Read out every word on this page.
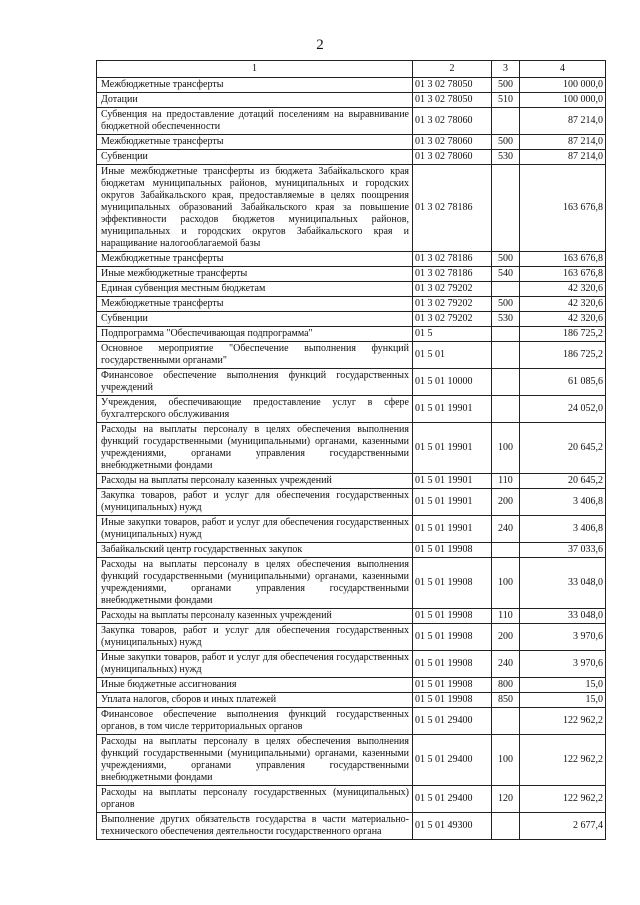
2
1	2	3	4
Межбюджетные трансферты	01 3 02 78050	500	100 000,0
Дотации	01 3 02 78050	510	100 000,0
Субвенция на предоставление дотаций поселениям на выравнивание бюджетной обеспеченности	01 3 02 78060		87 214,0
Межбюджетные трансферты	01 3 02 78060	500	87 214,0
Субвенции	01 3 02 78060	530	87 214,0
Иные межбюджетные трансферты из бюджета Забайкальского края бюджетам муниципальных районов, муниципальных и городских округов Забайкальского края, предоставляемые в целях поощрения муниципальных образований Забайкальского края за повышение эффективности расходов бюджетов муниципальных районов, муниципальных и городских округов Забайкальского края и наращивание налогооблагаемой базы	01 3 02 78186		163 676,8
Межбюджетные трансферты	01 3 02 78186	500	163 676,8
Иные межбюджетные трансферты	01 3 02 78186	540	163 676,8
Единая субвенция местным бюджетам	01 3 02 79202		42 320,6
Межбюджетные трансферты	01 3 02 79202	500	42 320,6
Субвенции	01 3 02 79202	530	42 320,6
Подпрограмма "Обеспечивающая подпрограмма"	01 5		186 725,2
Основное мероприятие "Обеспечение выполнения функций государственными органами"	01 5 01		186 725,2
Финансовое обеспечение выполнения функций государственных учреждений	01 5 01 10000		61 085,6
Учреждения, обеспечивающие предоставление услуг в сфере бухгалтерского обслуживания	01 5 01 19901		24 052,0
Расходы на выплаты персоналу в целях обеспечения выполнения функций государственными (муниципальными) органами, казенными учреждениями, органами управления государственными внебюджетными фондами	01 5 01 19901	100	20 645,2
Расходы на выплаты персоналу казенных учреждений	01 5 01 19901	110	20 645,2
Закупка товаров, работ и услуг для обеспечения государственных (муниципальных) нужд	01 5 01 19901	200	3 406,8
Иные закупки товаров, работ и услуг для обеспечения государственных (муниципальных) нужд	01 5 01 19901	240	3 406,8
Забайкальский центр государственных закупок	01 5 01 19908		37 033,6
Расходы на выплаты персоналу в целях обеспечения выполнения функций государственными (муниципальными) органами, казенными учреждениями, органами управления государственными внебюджетными фондами	01 5 01 19908	100	33 048,0
Расходы на выплаты персоналу казенных учреждений	01 5 01 19908	110	33 048,0
Закупка товаров, работ и услуг для обеспечения государственных (муниципальных) нужд	01 5 01 19908	200	3 970,6
Иные закупки товаров, работ и услуг для обеспечения государственных (муниципальных) нужд	01 5 01 19908	240	3 970,6
Иные бюджетные ассигнования	01 5 01 19908	800	15,0
Уплата налогов, сборов и иных платежей	01 5 01 19908	850	15,0
Финансовое обеспечение выполнения функций государственных органов, в том числе территориальных органов	01 5 01 29400		122 962,2
Расходы на выплаты персоналу в целях обеспечения выполнения функций государственными (муниципальными) органами, казенными учреждениями, органами управления государственными внебюджетными фондами	01 5 01 29400	100	122 962,2
Расходы на выплаты персоналу государственных (муниципальных) органов	01 5 01 29400	120	122 962,2
Выполнение других обязательств государства в части материально-технического обеспечения деятельности государственного органа	01 5 01 49300		2 677,4
